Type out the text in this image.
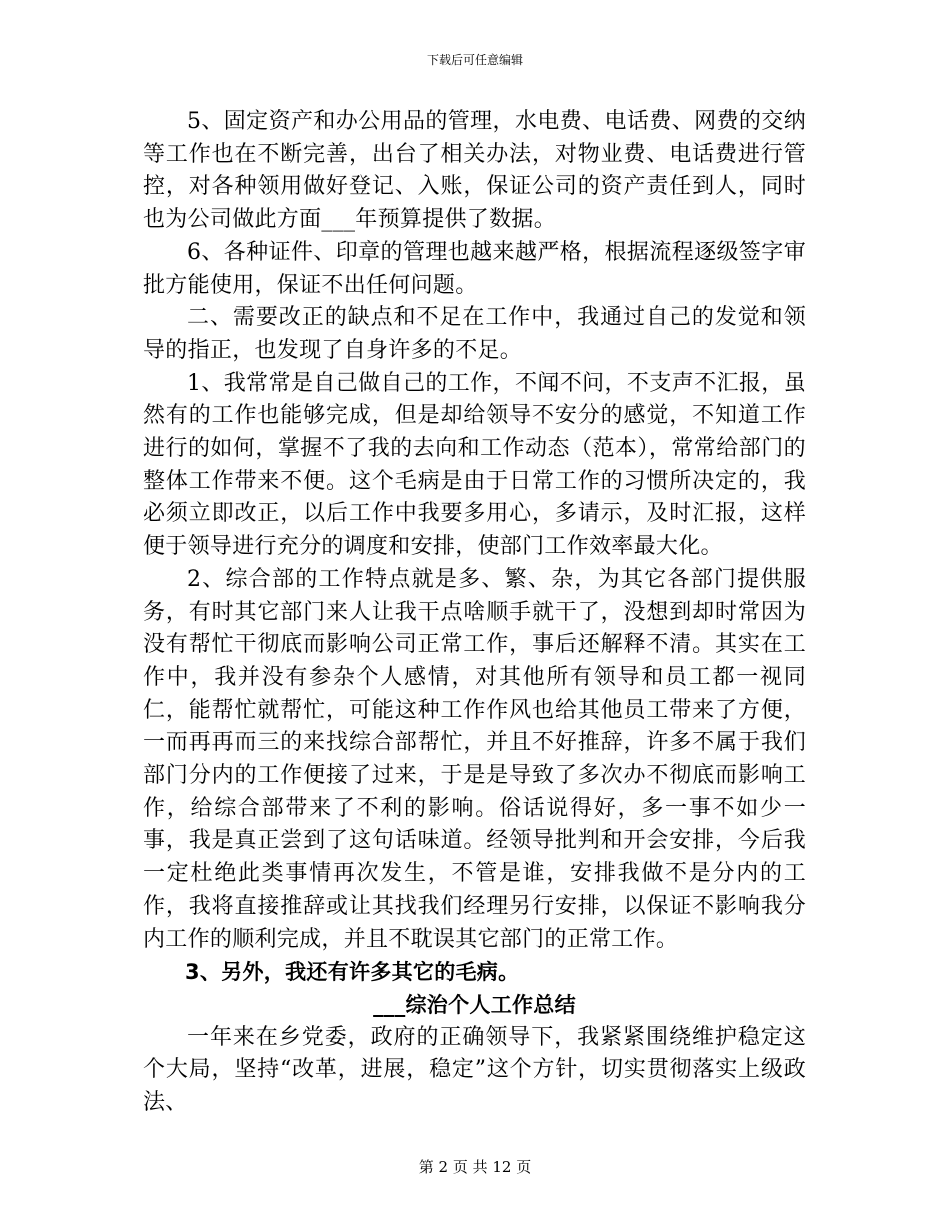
下载后可任意编辑

5、固定资产和办公用品的管理，水电费、电话费、网费的交纳等工作也在不断完善，出台了相关办法，对物业费、电话费进行管控，对各种领用做好登记、入账，保证公司的资产责任到人，同时也为公司做此方面___年预算提供了数据。

6、各种证件、印章的管理也越来越严格，根据流程逐级签字审批方能使用，保证不出任何问题。

二、需要改正的缺点和不足在工作中，我通过自己的发觉和领导的指正，也发现了自身许多的不足。

1、我常常是自己做自己的工作，不闻不问，不支声不汇报，虽然有的工作也能够完成，但是却给领导不安分的感觉，不知道工作进行的如何，掌握不了我的去向和工作动态（范本），常常给部门的整体工作带来不便。这个毛病是由于日常工作的习惯所决定的，我必须立即改正，以后工作中我要多用心，多请示，及时汇报，这样便于领导进行充分的调度和安排，使部门工作效率最大化。

2、综合部的工作特点就是多、繁、杂，为其它各部门提供服务，有时其它部门来人让我干点啥顺手就干了，没想到却时常因为没有帮忙干彻底而影响公司正常工作，事后还解释不清。其实在工作中，我并没有参杂个人感情，对其他所有领导和员工都一视同仁，能帮忙就帮忙，可能这种工作作风也给其他员工带来了方便，一而再再而三的来找综合部帮忙，并且不好推辞，许多不属于我们部门分内的工作便接了过来，于是是导致了多次办不彻底而影响工作，给综合部带来了不利的影响。俗话说得好，多一事不如少一事，我是真正尝到了这句话味道。经领导批判和开会安排，今后我一定杜绝此类事情再次发生，不管是谁，安排我做不是分内的工作，我将直接推辞或让其找我们经理另行安排，以保证不影响我分内工作的顺利完成，并且不耽误其它部门的正常工作。

3、另外，我还有许多其它的毛病。

___综治个人工作总结

一年来在乡党委，政府的正确领导下，我紧紧围绕维护稳定这个大局，坚持“改革，进展，稳定”这个方针，切实贯彻落实上级政法、

第 2 页 共 12 页
